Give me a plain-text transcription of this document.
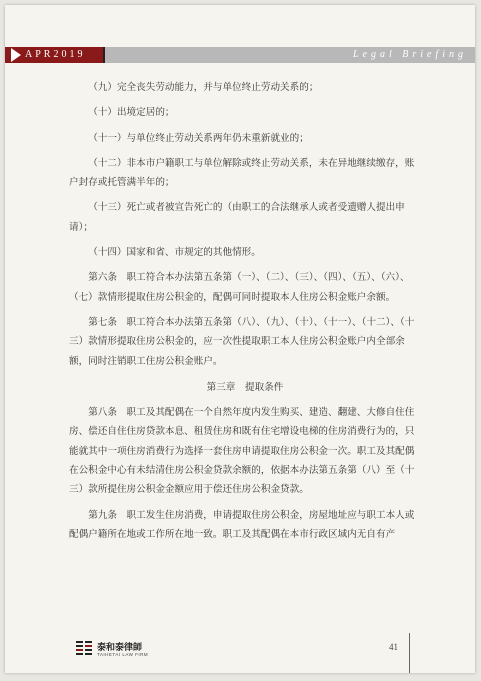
APR2019	Legal Briefing

（九）完全丧失劳动能力，并与单位终止劳动关系的；

（十）出境定居的；

（十一）与单位终止劳动关系两年仍未重新就业的；

（十二）非本市户籍职工与单位解除或终止劳动关系，未在异地继续缴存，账户封存或托管满半年的；

（十三）死亡或者被宣告死亡的（由职工的合法继承人或者受遗赠人提出申请）；

（十四）国家和省、市规定的其他情形。

第六条　职工符合本办法第五条第（一）、（二）、（三）、（四）、（五）、（六）、（七）款情形提取住房公积金的，配偶可同时提取本人住房公积金账户余额。

第七条　职工符合本办法第五条第（八）、（九）、（十）、（十一）、（十二）、（十三）款情形提取住房公积金的，应一次性提取职工本人住房公积金账户内全部余额，同时注销职工住房公积金账户。

第三章　提取条件

第八条　职工及其配偶在一个自然年度内发生购买、建造、翻建、大修自住住房、偿还自住住房贷款本息、租赁住房和既有住宅增设电梯的住房消费行为的，只能就其中一项住房消费行为选择一套住房申请提取住房公积金一次。职工及其配偶在公积金中心有未结清住房公积金贷款余额的，依据本办法第五条第（八）至（十三）款所提住房公积金金额应用于偿还住房公积金贷款。

第九条　职工发生住房消费，申请提取住房公积金，房屋地址应与职工本人或配偶户籍所在地或工作所在地一致。职工及其配偶在本市行政区域内无自有产

泰和泰律師
TAIHETAI LAW FIRM
41
